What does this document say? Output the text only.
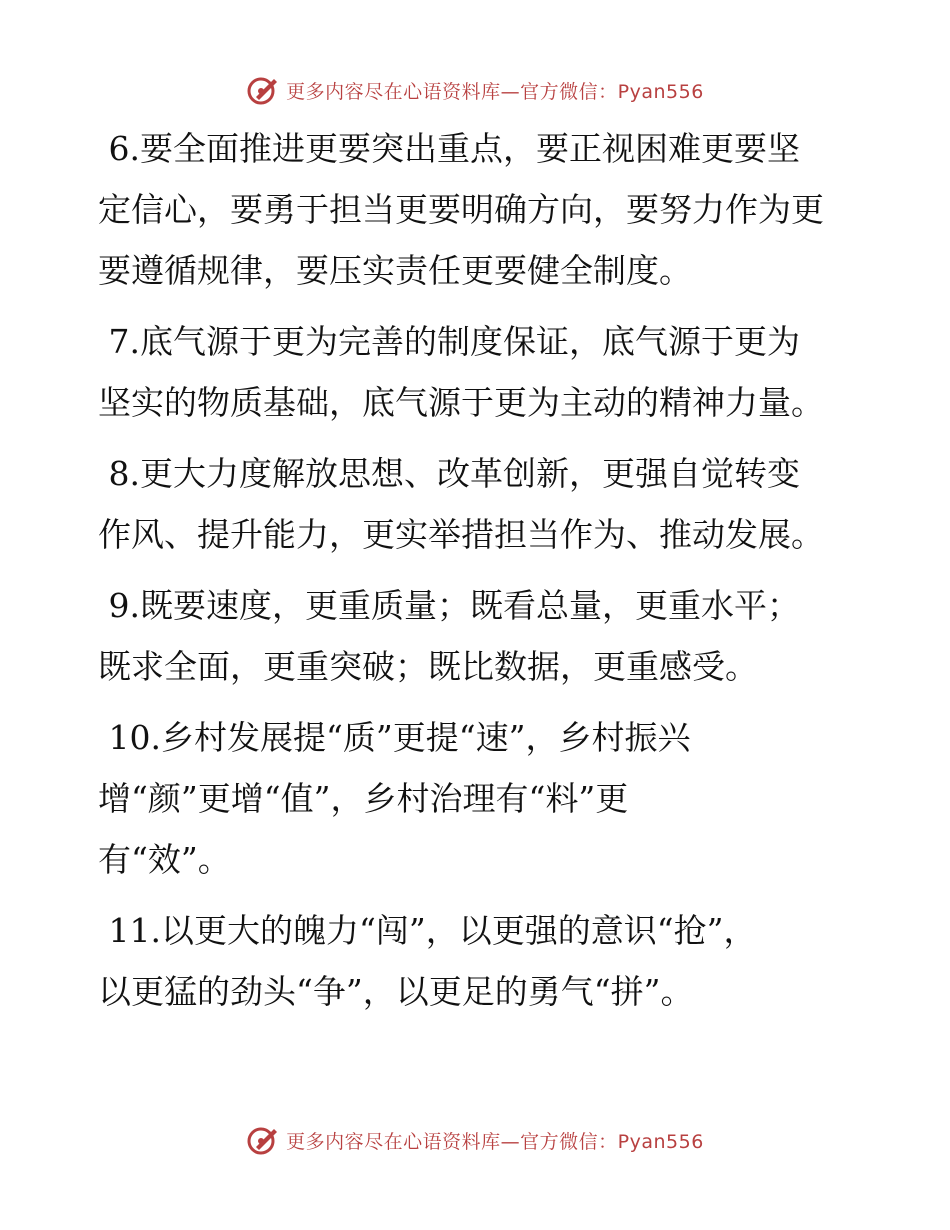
更多内容尽在心语资料库—官方微信：Pyan556

6.要全面推进更要突出重点，要正视困难更要坚
定信心，要勇于担当更要明确方向，要努力作为更
要遵循规律，要压实责任更要健全制度。

7.底气源于更为完善的制度保证，底气源于更为
坚实的物质基础，底气源于更为主动的精神力量。

8.更大力度解放思想、改革创新，更强自觉转变
作风、提升能力，更实举措担当作为、推动发展。

9.既要速度，更重质量；既看总量，更重水平；
既求全面，更重突破；既比数据，更重感受。

10.乡村发展提“质”更提“速”，乡村振兴
增“颜”更增“值”，乡村治理有“料”更
有“效”。

11.以更大的魄力“闯”，以更强的意识“抢”，
以更猛的劲头“争”，以更足的勇气“拼”。

更多内容尽在心语资料库—官方微信：Pyan556
